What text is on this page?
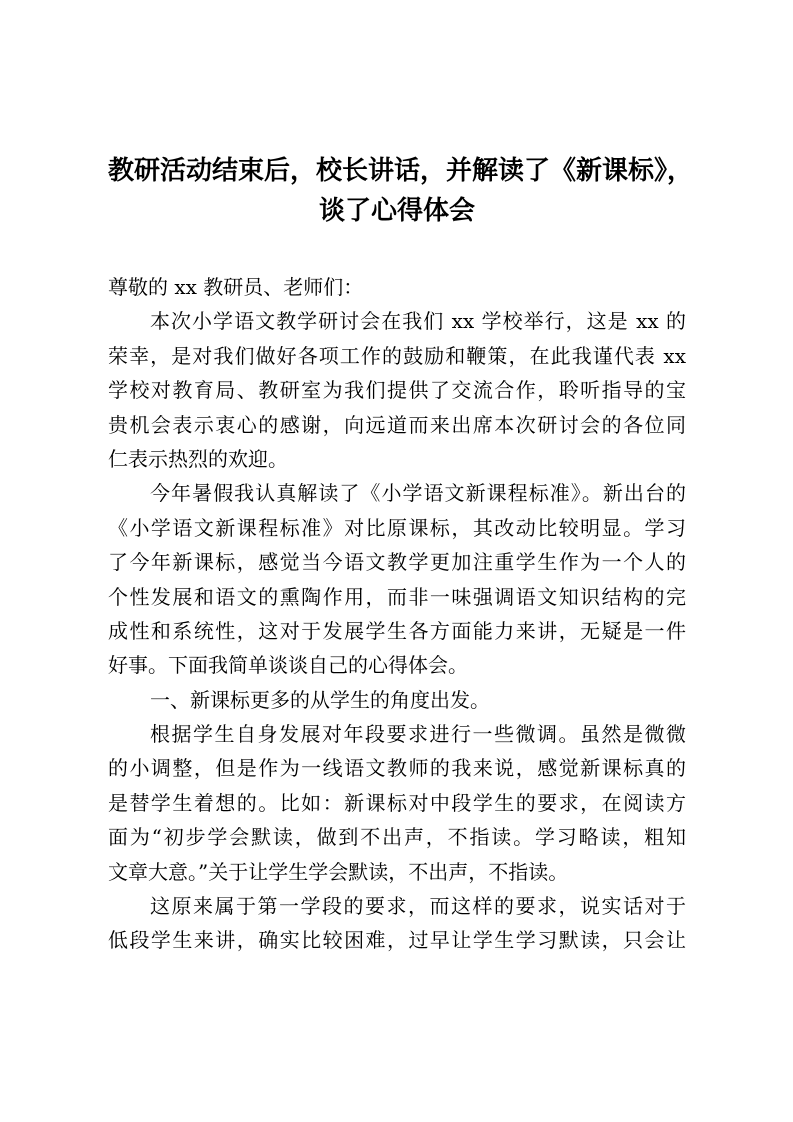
教研活动结束后，校长讲话，并解读了《新课标》，
谈了心得体会
尊敬的 xx 教研员、老师们：
本次小学语文教学研讨会在我们 xx 学校举行，这是 xx 的
荣幸，是对我们做好各项工作的鼓励和鞭策，在此我谨代表 xx
学校对教育局、教研室为我们提供了交流合作，聆听指导的宝
贵机会表示衷心的感谢，向远道而来出席本次研讨会的各位同
仁表示热烈的欢迎。
今年暑假我认真解读了《小学语文新课程标准》。新出台的
《小学语文新课程标准》对比原课标，其改动比较明显。学习
了今年新课标，感觉当今语文教学更加注重学生作为一个人的
个性发展和语文的熏陶作用，而非一味强调语文知识结构的完
成性和系统性，这对于发展学生各方面能力来讲，无疑是一件
好事。下面我简单谈谈自己的心得体会。
一、新课标更多的从学生的角度出发。
根据学生自身发展对年段要求进行一些微调。虽然是微微
的小调整，但是作为一线语文教师的我来说，感觉新课标真的
是替学生着想的。比如：新课标对中段学生的要求，在阅读方
面为“初步学会默读，做到不出声，不指读。学习略读，粗知
文章大意。”关于让学生学会默读，不出声，不指读。
这原来属于第一学段的要求，而这样的要求，说实话对于
低段学生来讲，确实比较困难，过早让学生学习默读，只会让
